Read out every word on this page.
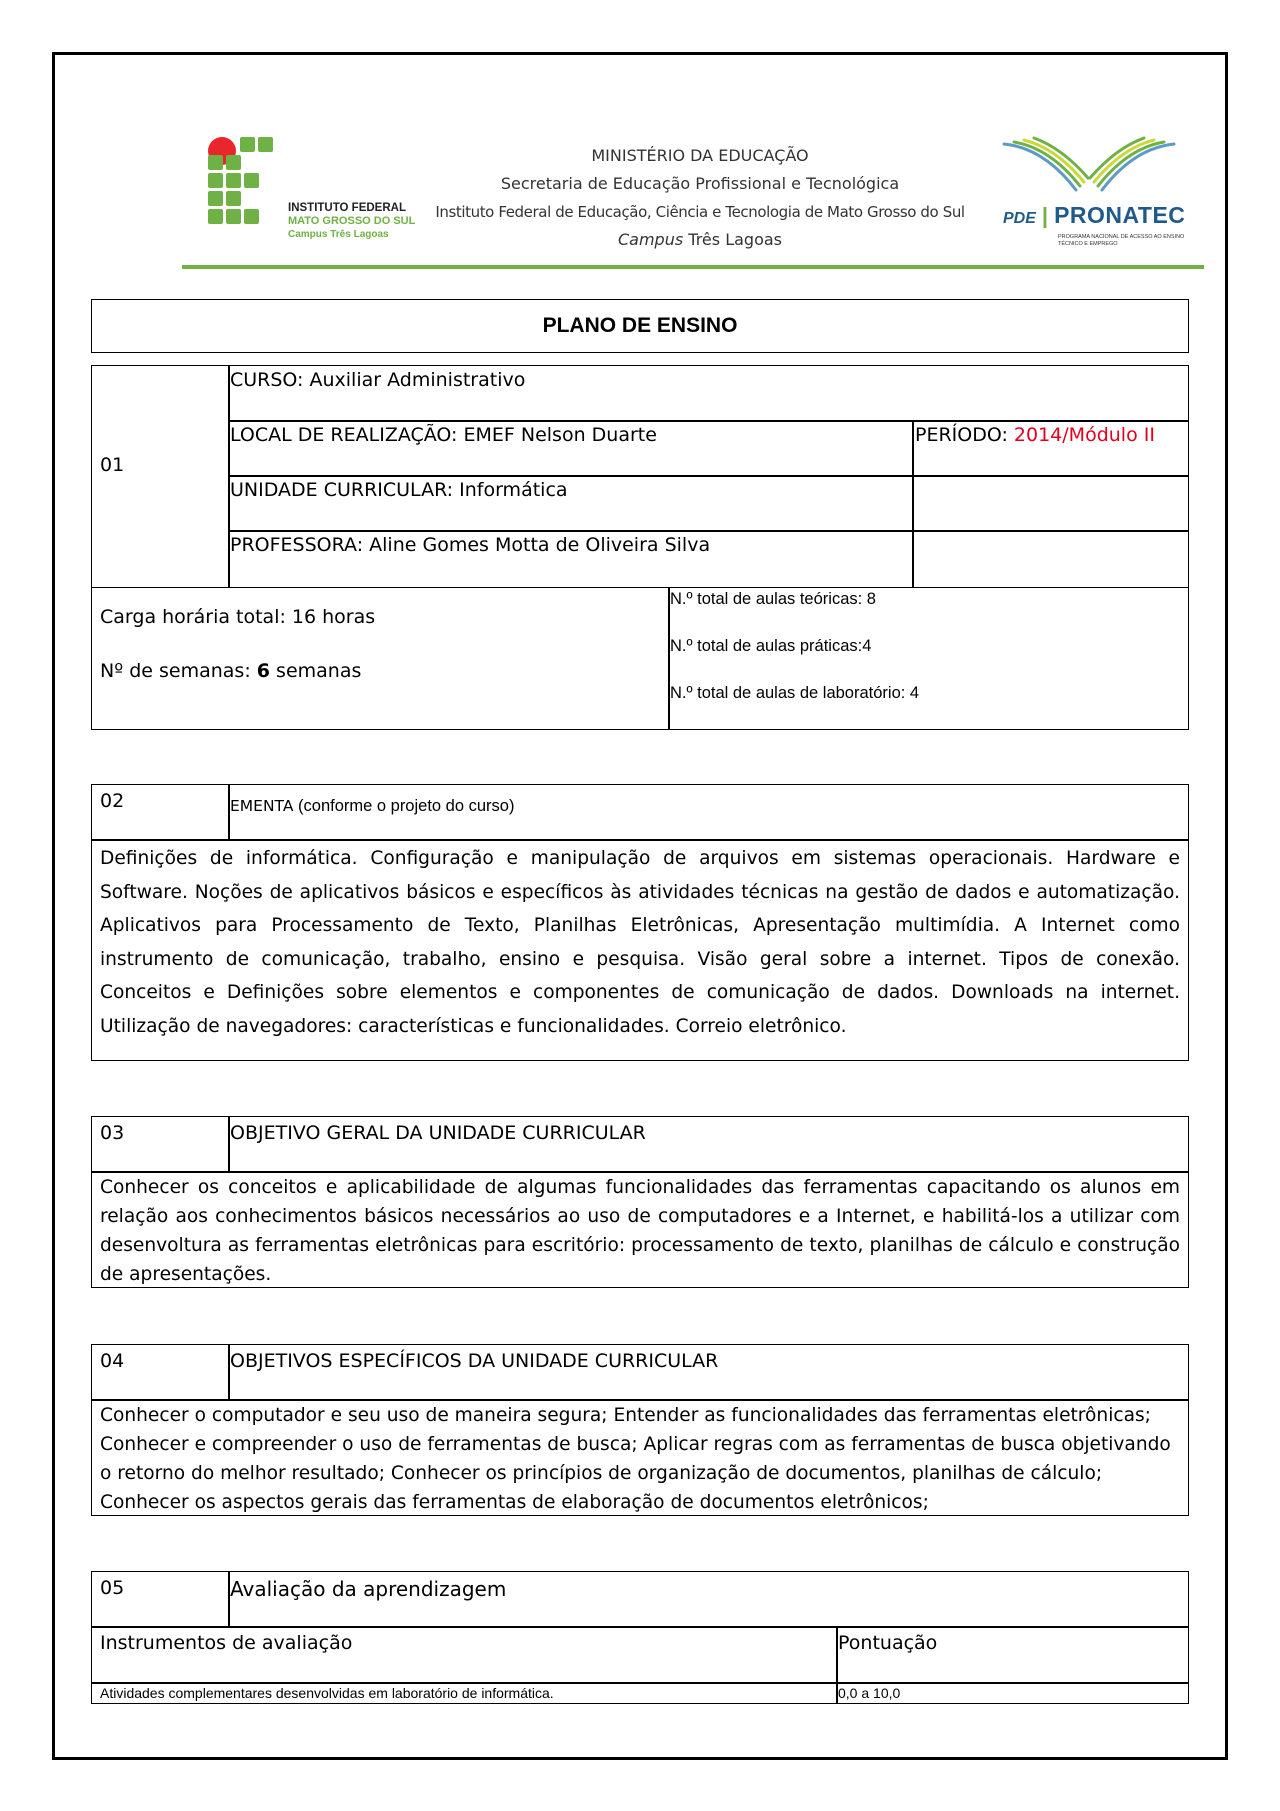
INSTITUTO FEDERAL
MATO GROSSO DO SUL
Campus Três Lagoas
MINISTÉRIO DA EDUCAÇÃO
Secretaria de Educação Profissional e Tecnológica
Instituto Federal de Educação, Ciência e Tecnologia de Mato Grosso do Sul
Campus Três Lagoas
PDE | PRONATEC
PROGRAMA NACIONAL DE ACESSO AO ENSINO TÉCNICO E EMPREGO
PLANO DE ENSINO
01
CURSO: Auxiliar Administrativo
LOCAL DE REALIZAÇÃO: EMEF Nelson Duarte	PERÍODO: 2014/Módulo II
UNIDADE CURRICULAR: Informática
PROFESSORA: Aline Gomes Motta de Oliveira Silva
Carga horária total: 16 horas
Nº de semanas: 6 semanas
N.º total de aulas teóricas: 8
N.º total de aulas práticas:4
N.º total de aulas de laboratório: 4
02	EMENTA (conforme o projeto do curso)
Definições de informática. Configuração e manipulação de arquivos em sistemas operacionais. Hardware e Software. Noções de aplicativos básicos e específicos às atividades técnicas na gestão de dados e automatização. Aplicativos para Processamento de Texto, Planilhas Eletrônicas, Apresentação multimídia. A Internet como instrumento de comunicação, trabalho, ensino e pesquisa. Visão geral sobre a internet. Tipos de conexão. Conceitos e Definições sobre elementos e componentes de comunicação de dados. Downloads na internet. Utilização de navegadores: características e funcionalidades. Correio eletrônico.
03	OBJETIVO GERAL DA UNIDADE CURRICULAR
Conhecer os conceitos e aplicabilidade de algumas funcionalidades das ferramentas capacitando os alunos em relação aos conhecimentos básicos necessários ao uso de computadores e a Internet, e habilitá-los a utilizar com desenvoltura as ferramentas eletrônicas para escritório: processamento de texto, planilhas de cálculo e construção de apresentações.
04	OBJETIVOS ESPECÍFICOS DA UNIDADE CURRICULAR
Conhecer o computador e seu uso de maneira segura; Entender as funcionalidades das ferramentas eletrônicas; Conhecer e compreender o uso de ferramentas de busca; Aplicar regras com as ferramentas de busca objetivando o retorno do melhor resultado; Conhecer os princípios de organização de documentos, planilhas de cálculo; Conhecer os aspectos gerais das ferramentas de elaboração de documentos eletrônicos;
05	Avaliação da aprendizagem
Instrumentos de avaliação	Pontuação
Atividades complementares desenvolvidas em laboratório de informática.	0,0 a 10,0
